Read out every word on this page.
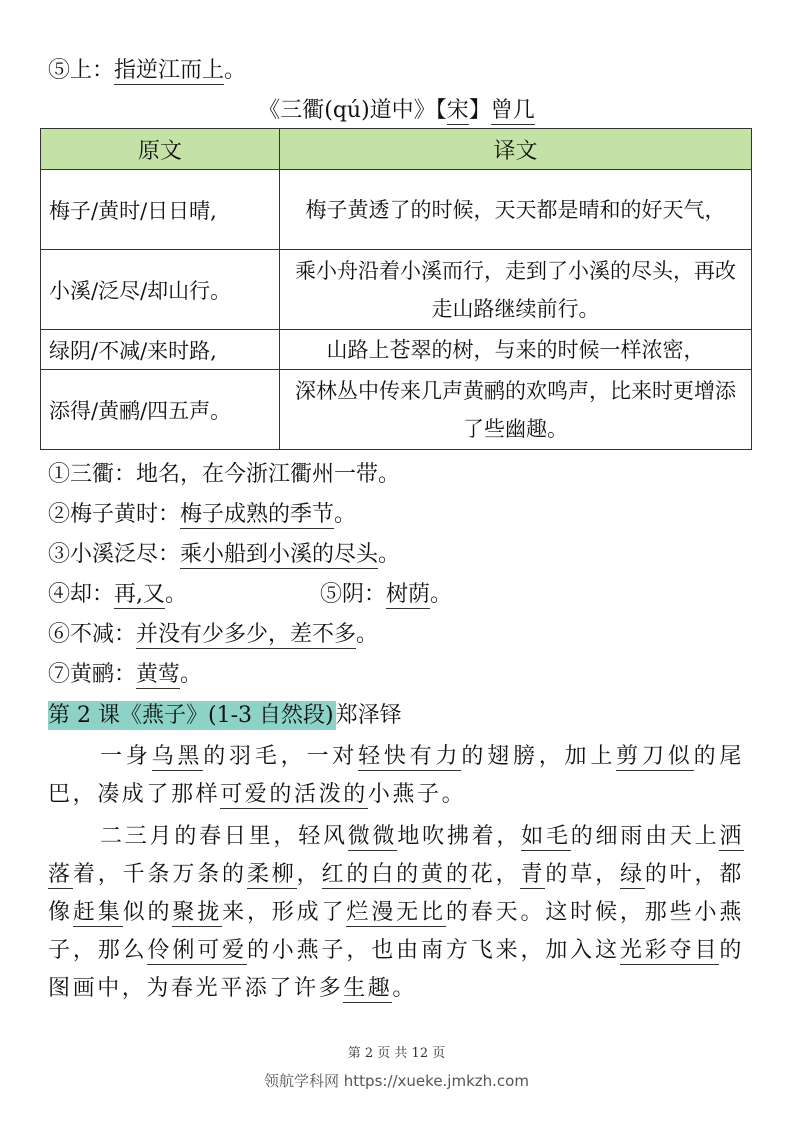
⑤上：指逆江而上。
《三衢(qú)道中》【宋】曾几
原文	译文
梅子/黄时/日日晴,	梅子黄透了的时候，天天都是晴和的好天气，
小溪/泛尽/却山行。	乘小舟沿着小溪而行，走到了小溪的尽头，再改走山路继续前行。
绿阴/不减/来时路,	山路上苍翠的树，与来的时候一样浓密，
添得/黄鹂/四五声。	深林丛中传来几声黄鹂的欢鸣声，比来时更增添了些幽趣。
①三衢：地名，在今浙江衢州一带。
②梅子黄时：梅子成熟的季节。
③小溪泛尽：乘小船到小溪的尽头。
④却：再,又。	⑤阴：树荫。
⑥不减：并没有少多少，差不多。
⑦黄鹂：黄莺。
第 2 课《燕子》(1-3 自然段)郑泽铎
一身乌黑的羽毛，一对轻快有力的翅膀，加上剪刀似的尾巴，凑成了那样可爱的活泼的小燕子。
二三月的春日里，轻风微微地吹拂着，如毛的细雨由天上洒落着，千条万条的柔柳，红的白的黄的花，青的草，绿的叶，都像赶集似的聚拢来，形成了烂漫无比的春天。这时候，那些小燕子，那么伶俐可爱的小燕子，也由南方飞来，加入这光彩夺目的图画中，为春光平添了许多生趣。
第 2 页 共 12 页
领航学科网 https://xueke.jmkzh.com
